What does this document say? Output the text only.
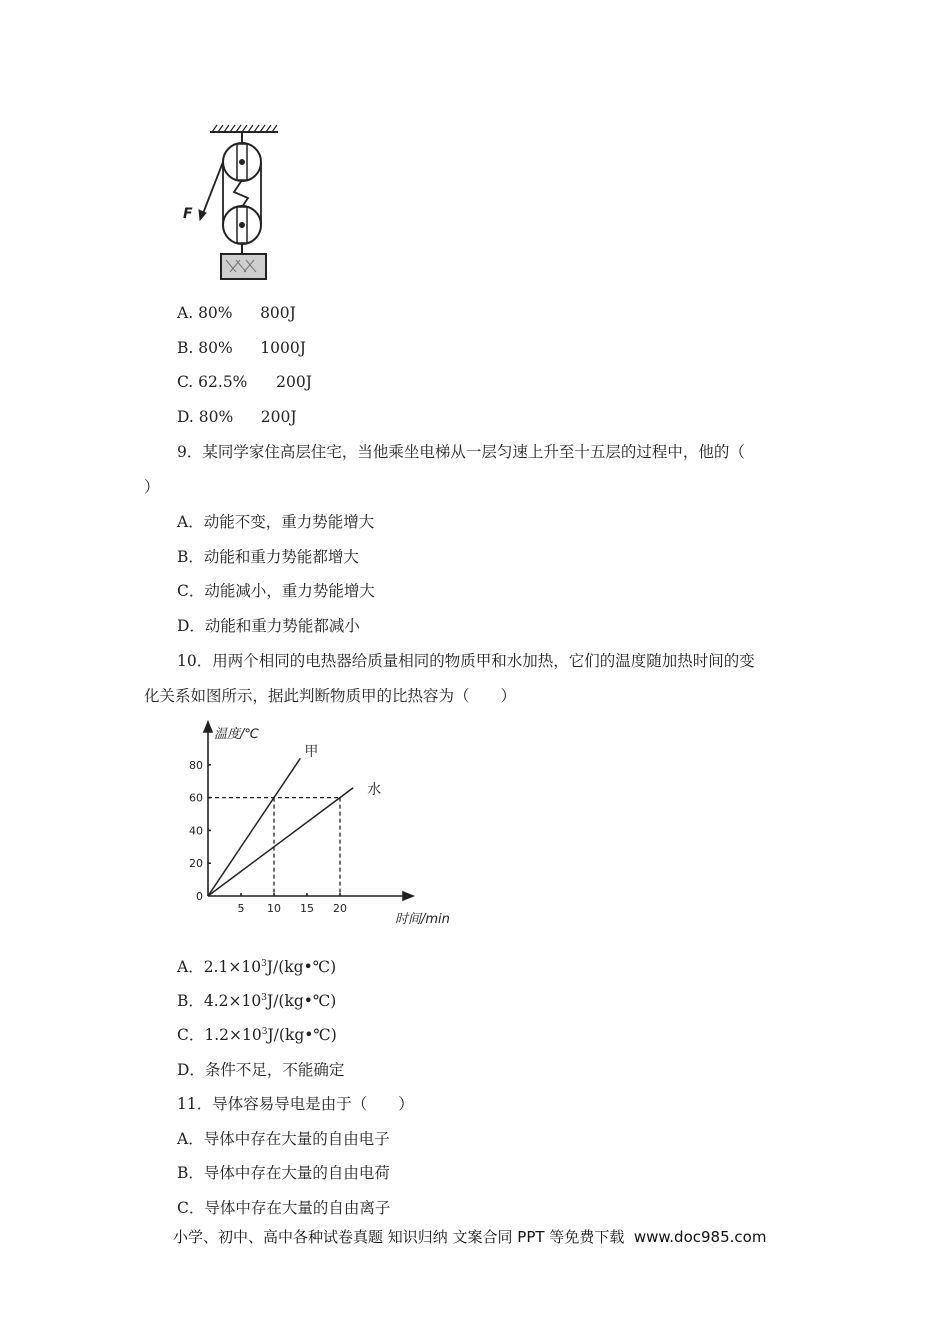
F
A. 80% 800J
B. 80% 1000J
C. 62.5% 200J
D. 80% 200J
9．某同学家住高层住宅，当他乘坐电梯从一层匀速上升至十五层的过程中，他的（
）
A．动能不变，重力势能增大
B．动能和重力势能都增大
C．动能减小，重力势能增大
D．动能和重力势能都减小
10．用两个相同的电热器给质量相同的物质甲和水加热，它们的温度随加热时间的变
化关系如图所示，据此判断物质甲的比热容为（　　）
5 10 15 20
0
20
40
60
80
甲
水
温度/℃
时间/min
A．$2.1\times 10^3J/(kg•℃)$
B．$4.2\times 10^3J/(kg•℃)$
C．$1.2\times 10^3J/(kg•℃)$
D．条件不足，不能确定
11．导体容易导电是由于（　　）
A．导体中存在大量的自由电子
B．导体中存在大量的自由电荷
C．导体中存在大量的自由离子
小学、初中、高中各种试卷真题 知识归纳 文案合同 PPT 等免费下载  www.doc985.com
